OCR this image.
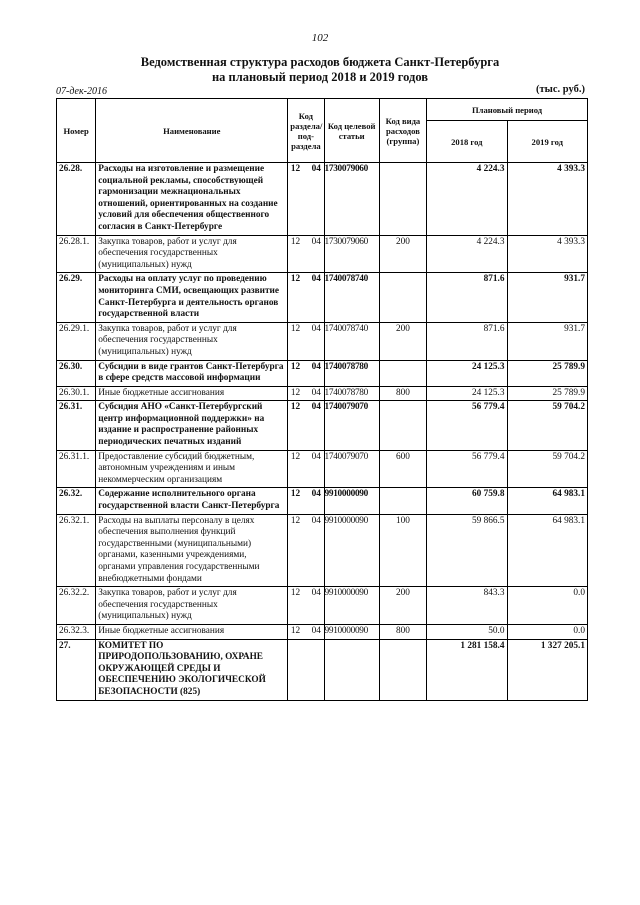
102
Ведомственная структура расходов бюджета Санкт-Петербурга
на плановый период 2018 и 2019 годов
07-дек-2016	(тыс. руб.)
Номер	Наименование	Код раздела/ под-раздела	Код целевой статьи	Код вида расходов (группа)	Плановый период	
					2018 год	2019 год
26.28.	Расходы на изготовление и размещение социальной рекламы, способствующей гармонизации межнациональных отношений, ориентированных на создание условий для обеспечения общественного согласия в Санкт-Петербурге	12 04	1730079060		4 224.3	4 393.3
26.28.1.	Закупка товаров, работ и услуг для обеспечения государственных (муниципальных) нужд	12 04	1730079060	200	4 224.3	4 393.3
26.29.	Расходы на оплату услуг по проведению мониторинга СМИ, освещающих развитие Санкт-Петербурга и деятельность органов государственной власти	12 04	1740078740		871.6	931.7
26.29.1.	Закупка товаров, работ и услуг для обеспечения государственных (муниципальных) нужд	12 04	1740078740	200	871.6	931.7
26.30.	Субсидии в виде грантов Санкт-Петербурга в сфере средств массовой информации	12 04	1740078780		24 125.3	25 789.9
26.30.1.	Иные бюджетные ассигнования	12 04	1740078780	800	24 125.3	25 789.9
26.31.	Субсидия АНО «Санкт-Петербургский центр информационной поддержки» на издание и распространение районных периодических печатных изданий	12 04	1740079070		56 779.4	59 704.2
26.31.1.	Предоставление субсидий бюджетным, автономным учреждениям и иным некоммерческим организациям	12 04	1740079070	600	56 779.4	59 704.2
26.32.	Содержание исполнительного органа государственной власти Санкт-Петербурга	12 04	9910000090		60 759.8	64 983.1
26.32.1.	Расходы на выплаты персоналу в целях обеспечения выполнения функций государственными (муниципальными) органами, казенными учреждениями, органами управления государственными внебюджетными фондами	12 04	9910000090	100	59 866.5	64 983.1
26.32.2.	Закупка товаров, работ и услуг для обеспечения государственных (муниципальных) нужд	12 04	9910000090	200	843.3	0.0
26.32.3.	Иные бюджетные ассигнования	12 04	9910000090	800	50.0	0.0
27.	КОМИТЕТ ПО ПРИРОДОПОЛЬЗОВАНИЮ, ОХРАНЕ ОКРУЖАЮЩЕЙ СРЕДЫ И ОБЕСПЕЧЕНИЮ ЭКОЛОГИЧЕСКОЙ БЕЗОПАСНОСТИ (825)				1 281 158.4	1 327 205.1
